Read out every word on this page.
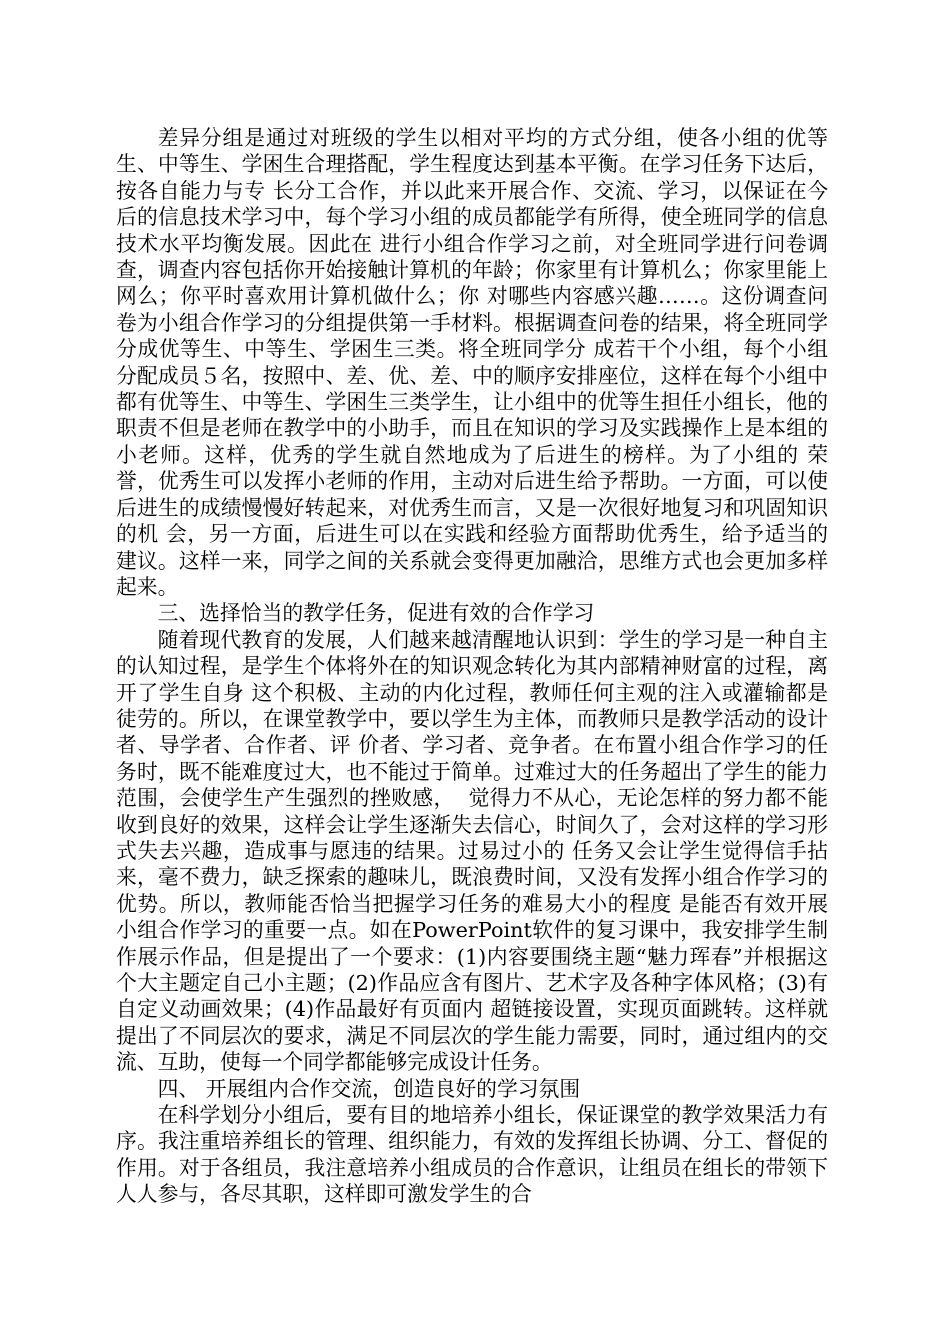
差异分组是通过对班级的学生以相对平均的方式分组，使各小组的优等生、中等生、学困生合理搭配，学生程度达到基本平衡。在学习任务下达后，按各自能力与专 长分工合作，并以此来开展合作、交流、学习，以保证在今后的信息技术学习中，每个学习小组的成员都能学有所得，使全班同学的信息技术水平均衡发展。因此在 进行小组合作学习之前，对全班同学进行问卷调查，调查内容包括你开始接触计算机的年龄；你家里有计算机么；你家里能上网么；你平时喜欢用计算机做什么；你 对哪些内容感兴趣……。这份调查问卷为小组合作学习的分组提供第一手材料。根据调查问卷的结果，将全班同学分成优等生、中等生、学困生三类。将全班同学分 成若干个小组，每个小组分配成员５名，按照中、差、优、差、中的顺序安排座位，这样在每个小组中都有优等生、中等生、学困生三类学生，让小组中的优等生担任小组长，他的职责不但是老师在教学中的小助手，而且在知识的学习及实践操作上是本组的小老师。这样，优秀的学生就自然地成为了后进生的榜样。为了小组的 荣誉，优秀生可以发挥小老师的作用，主动对后进生给予帮助。一方面，可以使后进生的成绩慢慢好转起来，对优秀生而言，又是一次很好地复习和巩固知识的机 会，另一方面，后进生可以在实践和经验方面帮助优秀生，给予适当的建议。这样一来，同学之间的关系就会变得更加融洽，思维方式也会更加多样起来。

三、选择恰当的教学任务，促进有效的合作学习

随着现代教育的发展，人们越来越清醒地认识到：学生的学习是一种自主的认知过程，是学生个体将外在的知识观念转化为其内部精神财富的过程，离开了学生自身 这个积极、主动的内化过程，教师任何主观的注入或灌输都是徒劳的。所以，在课堂教学中，要以学生为主体，而教师只是教学活动的设计者、导学者、合作者、评 价者、学习者、竞争者。在布置小组合作学习的任务时，既不能难度过大，也不能过于简单。过难过大的任务超出了学生的能力范围，会使学生产生强烈的挫败感，  觉得力不从心，无论怎样的努力都不能收到良好的效果，这样会让学生逐渐失去信心，时间久了，会对这样的学习形式失去兴趣，造成事与愿违的结果。过易过小的 任务又会让学生觉得信手拈来，毫不费力，缺乏探索的趣味儿，既浪费时间，又没有发挥小组合作学习的优势。所以，教师能否恰当把握学习任务的难易大小的程度 是能否有效开展小组合作学习的重要一点。如在PowerPoint软件的复习课中，我安排学生制作展示作品，但是提出了一个要求：(1)内容要围绕主题“魅力珲春”并根据这个大主题定自己小主题；(2)作品应含有图片、艺术字及各种字体风格；(3)有自定义动画效果；(4)作品最好有页面内 超链接设置，实现页面跳转。这样就提出了不同层次的要求，满足不同层次的学生能力需要，同时，通过组内的交流、互助，使每一个同学都能够完成设计任务。

四、 开展组内合作交流，创造良好的学习氛围

在科学划分小组后，要有目的地培养小组长，保证课堂的教学效果活力有序。我注重培养组长的管理、组织能力，有效的发挥组长协调、分工、督促的作用。对于各组员，我注意培养小组成员的合作意识，让组员在组长的带领下人人参与，各尽其职，这样即可激发学生的合
